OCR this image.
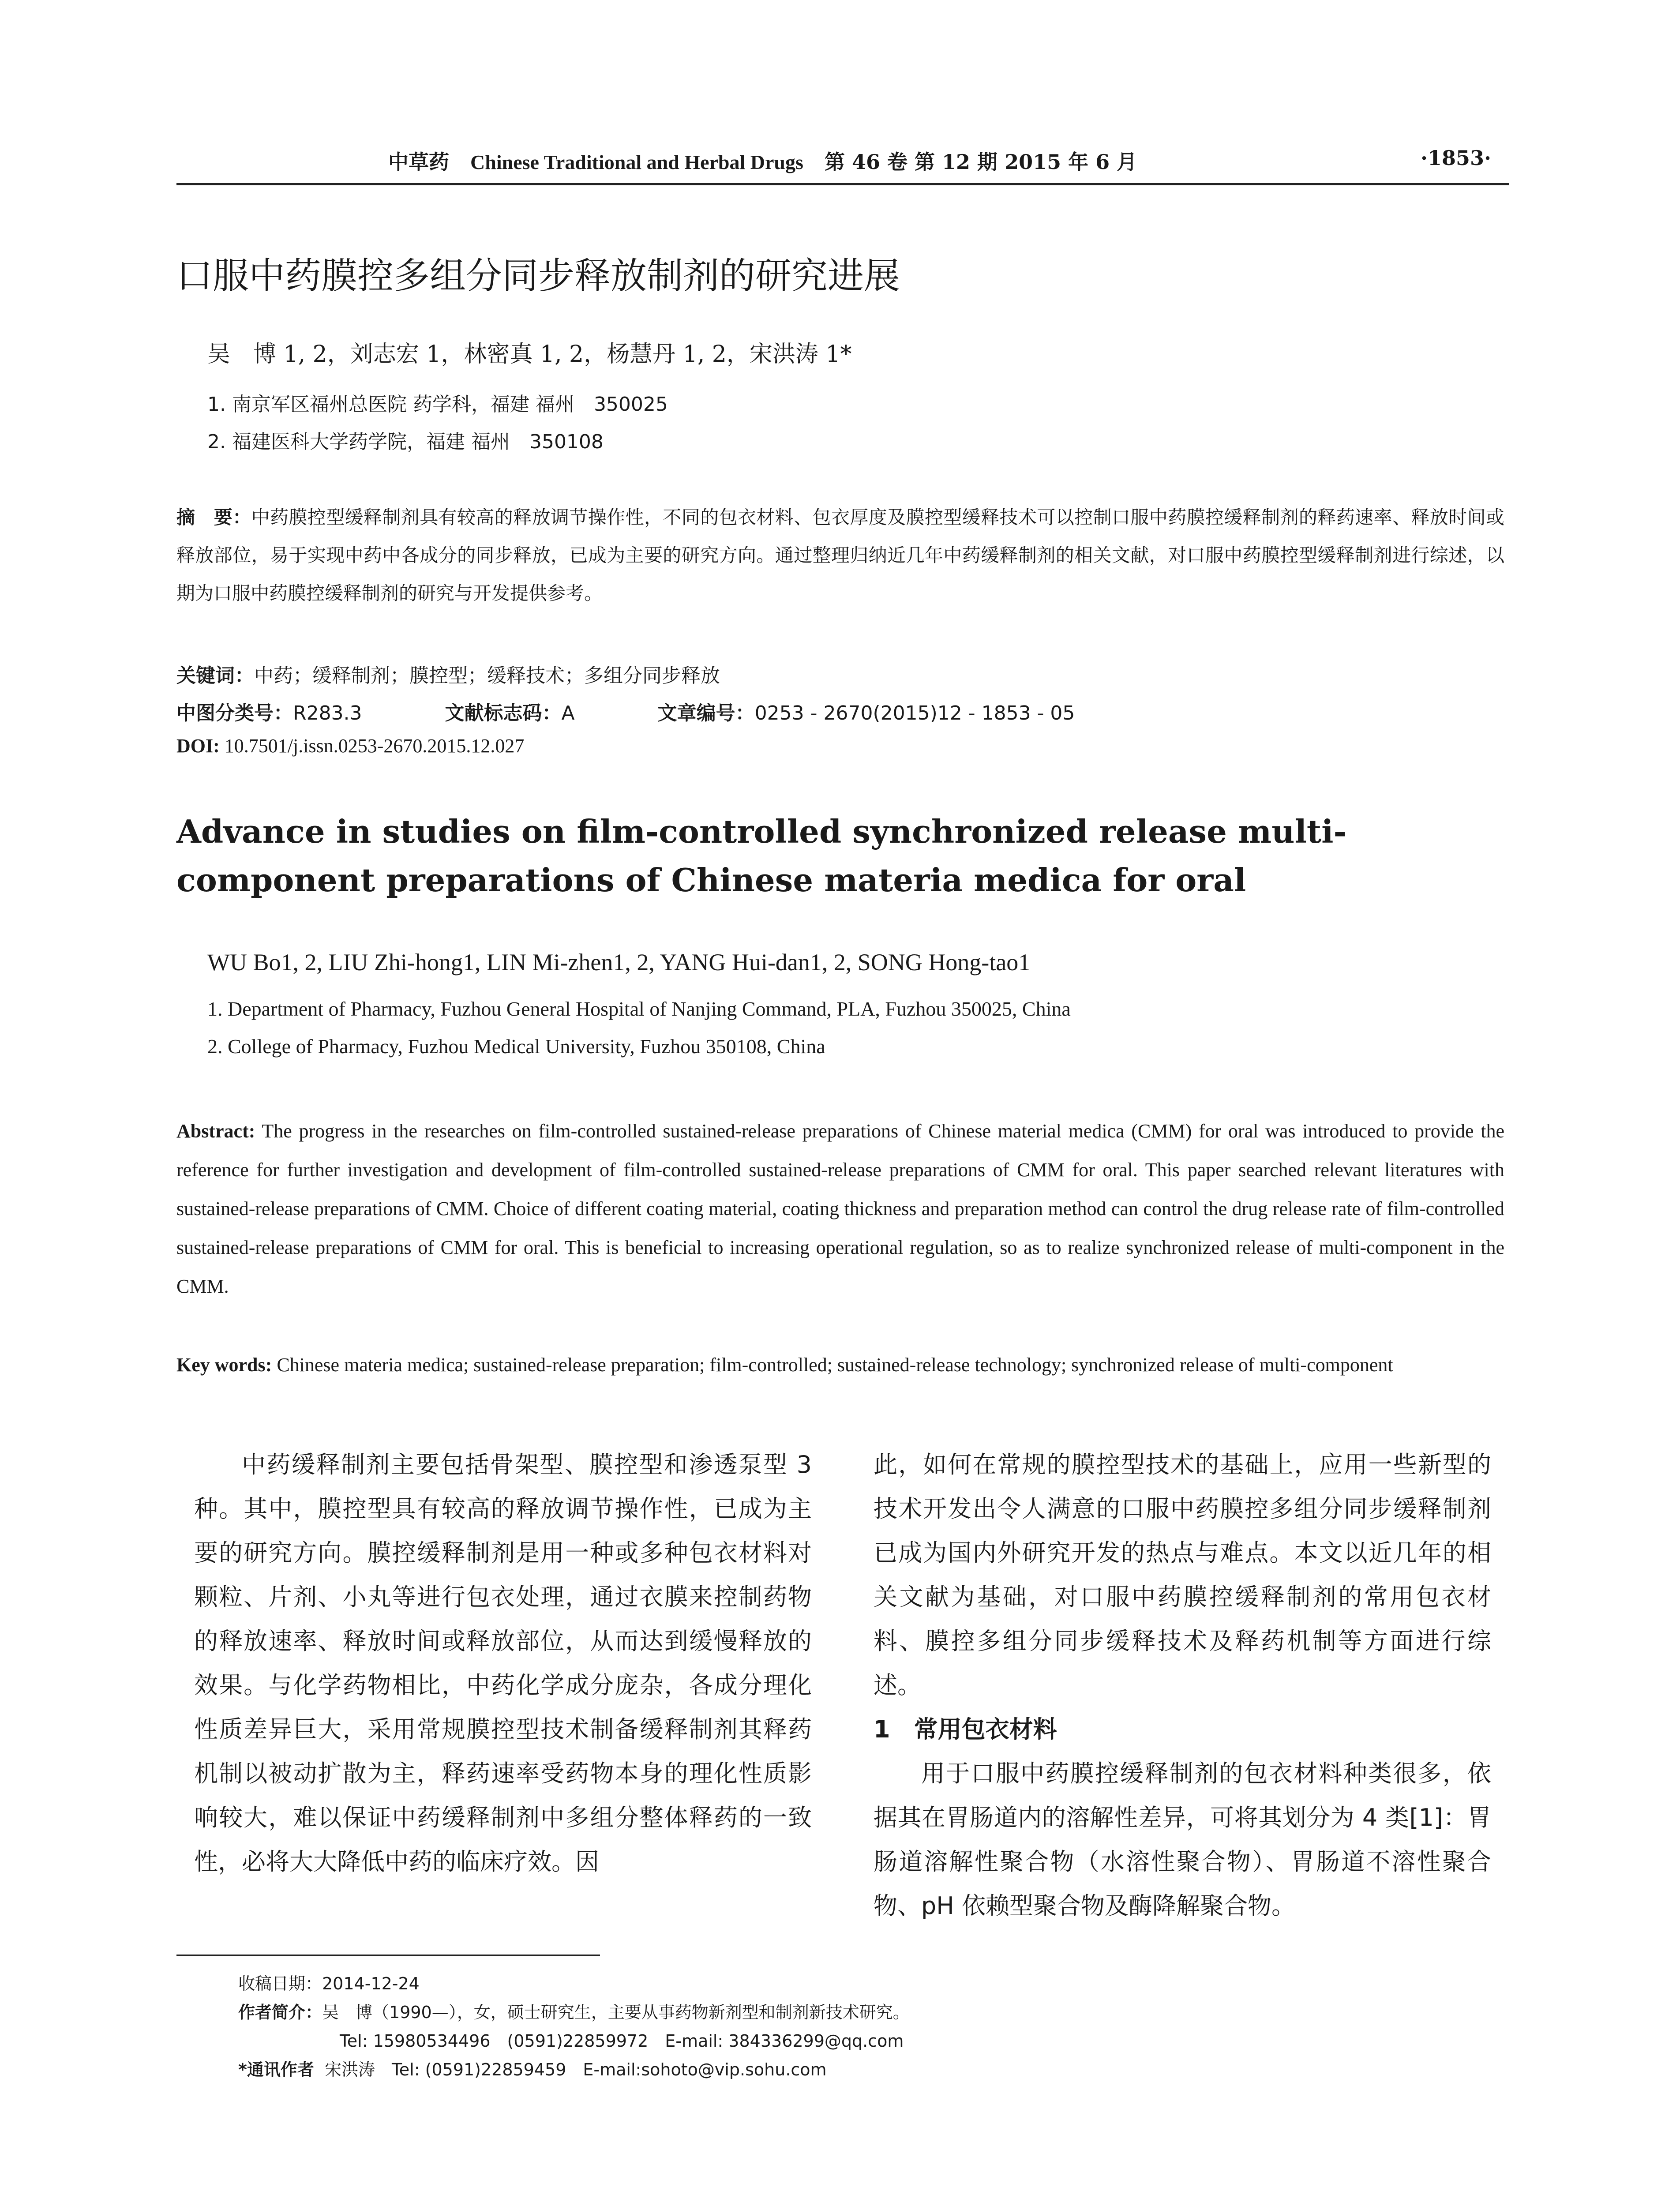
中草药 Chinese Traditional and Herbal Drugs 第 46 卷 第 12 期 2015 年 6 月	·1853·
口服中药膜控多组分同步释放制剂的研究进展
吴　博 1, 2，刘志宏 1，林密真 1, 2，杨慧丹 1, 2，宋洪涛 1*
1. 南京军区福州总医院 药学科，福建 福州　350025
2. 福建医科大学药学院，福建 福州　350108
摘　要：中药膜控型缓释制剂具有较高的释放调节操作性，不同的包衣材料、包衣厚度及膜控型缓释技术可以控制口服中药膜控缓释制剂的释药速率、释放时间或释放部位，易于实现中药中各成分的同步释放，已成为主要的研究方向。通过整理归纳近几年中药缓释制剂的相关文献，对口服中药膜控型缓释制剂进行综述，以期为口服中药膜控缓释制剂的研究与开发提供参考。
关键词：中药；缓释制剂；膜控型；缓释技术；多组分同步释放
中图分类号：R283.3	文献标志码：A	文章编号：0253 - 2670(2015)12 - 1853 - 05
DOI: 10.7501/j.issn.0253-2670.2015.12.027
Advance in studies on film-controlled synchronized release multi-component preparations of Chinese materia medica for oral
WU Bo1, 2, LIU Zhi-hong1, LIN Mi-zhen1, 2, YANG Hui-dan1, 2, SONG Hong-tao1
1. Department of Pharmacy, Fuzhou General Hospital of Nanjing Command, PLA, Fuzhou 350025, China
2. College of Pharmacy, Fuzhou Medical University, Fuzhou 350108, China
Abstract: The progress in the researches on film-controlled sustained-release preparations of Chinese material medica (CMM) for oral was introduced to provide the reference for further investigation and development of film-controlled sustained-release preparations of CMM for oral. This paper searched relevant literatures with sustained-release preparations of CMM. Choice of different coating material, coating thickness and preparation method can control the drug release rate of film-controlled sustained-release preparations of CMM for oral. This is beneficial to increasing operational regulation, so as to realize synchronized release of multi-component in the CMM.
Key words: Chinese materia medica; sustained-release preparation; film-controlled; sustained-release technology; synchronized release of multi-component

中药缓释制剂主要包括骨架型、膜控型和渗透泵型 3 种。其中，膜控型具有较高的释放调节操作性，已成为主要的研究方向。膜控缓释制剂是用一种或多种包衣材料对颗粒、片剂、小丸等进行包衣处理，通过衣膜来控制药物的释放速率、释放时间或释放部位，从而达到缓慢释放的效果。与化学药物相比，中药化学成分庞杂，各成分理化性质差异巨大，采用常规膜控型技术制备缓释制剂其释药机制以被动扩散为主，释药速率受药物本身的理化性质影响较大，难以保证中药缓释制剂中多组分整体释药的一致性，必将大大降低中药的临床疗效。因

此，如何在常规的膜控型技术的基础上，应用一些新型的技术开发出令人满意的口服中药膜控多组分同步缓释制剂已成为国内外研究开发的热点与难点。本文以近几年的相关文献为基础，对口服中药膜控缓释制剂的常用包衣材料、膜控多组分同步缓释技术及释药机制等方面进行综述。

1　常用包衣材料

用于口服中药膜控缓释制剂的包衣材料种类很多，依据其在胃肠道内的溶解性差异，可将其划分为 4 类[1]：胃肠道溶解性聚合物（水溶性聚合物）、胃肠道不溶性聚合物、pH 依赖型聚合物及酶降解聚合物。

收稿日期：2014-12-24
作者简介：吴　博（1990—），女，硕士研究生，主要从事药物新剂型和制剂新技术研究。
Tel: 15980534496　(0591)22859972　E-mail: 384336299@qq.com
*通讯作者 宋洪涛　Tel: (0591)22859459　E-mail:sohoto@vip.sohu.com
